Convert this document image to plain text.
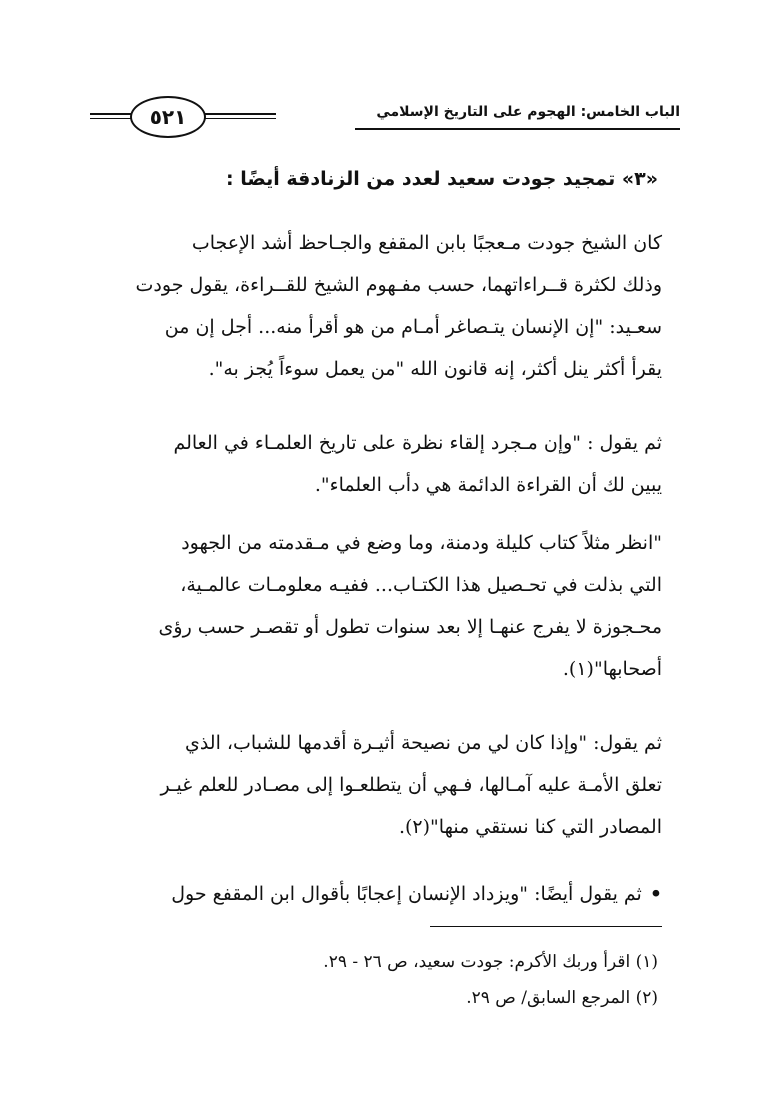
٥٢١	الباب الخامس: الهجوم على التاريخ الإسلامي
«٣» تمجيد جودت سعيد لعدد من الزنادقة أيضًا :
كان الشيخ جودت مـعجبًا بابن المقفع والجـاحظ أشد الإعجاب
وذلك لكثرة قــراءاتهما، حسب مفـهوم الشيخ للقــراءة، يقول جودت
سعـيد: "إن الإنسان يتـصاغر أمـام من هو أقرأ منه... أجل إن من
يقرأ أكثر ينل أكثر، إنه قانون الله "من يعمل سوءاً يُجز به".
ثم يقول : "وإن مـجرد إلقاء نظرة على تاريخ العلمـاء في العالم
يبين لك أن القراءة الدائمة هي دأب العلماء".
"انظر مثلاً كتاب كليلة ودمنة، وما وضع في مـقدمته من الجهود
التي بذلت في تحـصيل هذا الكتـاب... ففيـه معلومـات عالمـية،
محـجوزة لا يفرج عنهـا إلا بعد سنوات تطول أو تقصـر حسب رؤى
أصحابها"(١).
ثم يقول: "وإذا كان لي من نصيحة أثيـرة أقدمها للشباب، الذي
تعلق الأمـة عليه آمـالها، فـهي أن يتطلعـوا إلى مصـادر للعلم غيـر
المصادر التي كنا نستقي منها"(٢).
•ثم يقول أيضًا: "ويزداد الإنسان إعجابًا بأقوال ابن المقفع حول
(١) اقرأ وربك الأكرم: جودت سعيد، ص ٢٦ - ٢٩.
(٢) المرجع السابق/ ص ٢٩.
